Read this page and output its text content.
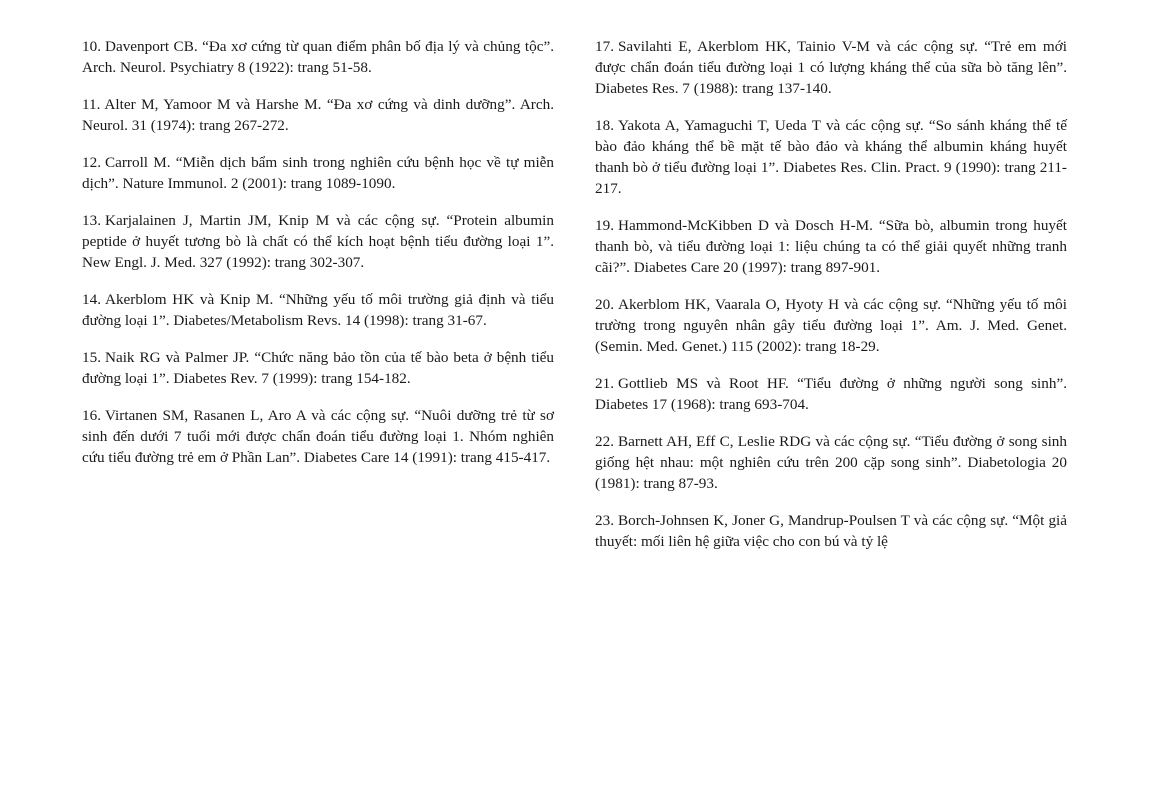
10. Davenport CB. “Đa xơ cứng từ quan điểm phân bố địa lý và chủng tộc”. Arch. Neurol. Psychiatry 8 (1922): trang 51-58.

11. Alter M, Yamoor M và Harshe M. “Đa xơ cứng và dinh dưỡng”. Arch. Neurol. 31 (1974): trang 267-272.

12. Carroll M. “Miễn dịch bẩm sinh trong nghiên cứu bệnh học về tự miễn dịch”. Nature Immunol. 2 (2001): trang 1089-1090.

13. Karjalainen J, Martin JM, Knip M và các cộng sự. “Protein albumin peptide ở huyết tương bò là chất có thể kích hoạt bệnh tiểu đường loại 1”. New Engl. J. Med. 327 (1992): trang 302-307.

14. Akerblom HK và Knip M. “Những yếu tố môi trường giả định và tiểu đường loại 1”. Diabetes/Metabolism Revs. 14 (1998): trang 31-67.

15. Naik RG và Palmer JP. “Chức năng bảo tồn của tế bào beta ở bệnh tiểu đường loại 1”. Diabetes Rev. 7 (1999): trang 154-182.

16. Virtanen SM, Rasanen L, Aro A và các cộng sự. “Nuôi dưỡng trẻ từ sơ sinh đến dưới 7 tuổi mới được chẩn đoán tiểu đường loại 1. Nhóm nghiên cứu tiểu đường trẻ em ở Phần Lan”. Diabetes Care 14 (1991): trang 415-417.

17. Savilahti E, Akerblom HK, Tainio V-M và các cộng sự. “Trẻ em mới được chẩn đoán tiểu đường loại 1 có lượng kháng thể của sữa bò tăng lên”. Diabetes Res. 7 (1988): trang 137-140.

18. Yakota A, Yamaguchi T, Ueda T và các cộng sự. “So sánh kháng thể tế bào đảo kháng thể bề mặt tế bào đảo và kháng thể albumin kháng huyết thanh bò ở tiểu đường loại 1”. Diabetes Res. Clin. Pract. 9 (1990): trang 211-217.

19. Hammond-McKibben D và Dosch H-M. “Sữa bò, albumin trong huyết thanh bò, và tiểu đường loại 1: liệu chúng ta có thể giải quyết những tranh cãi?”. Diabetes Care 20 (1997): trang 897-901.

20. Akerblom HK, Vaarala O, Hyoty H và các cộng sự. “Những yếu tố môi trường trong nguyên nhân gây tiểu đường loại 1”. Am. J. Med. Genet. (Semin. Med. Genet.) 115 (2002): trang 18-29.

21. Gottlieb MS và Root HF. “Tiểu đường ở những người song sinh”. Diabetes 17 (1968): trang 693-704.

22. Barnett AH, Eff C, Leslie RDG và các cộng sự. “Tiểu đường ở song sinh giống hệt nhau: một nghiên cứu trên 200 cặp song sinh”. Diabetologia 20 (1981): trang 87-93.

23. Borch-Johnsen K, Joner G, Mandrup-Poulsen T và các cộng sự. “Một giả thuyết: mối liên hệ giữa việc cho con bú và tỷ lệ
